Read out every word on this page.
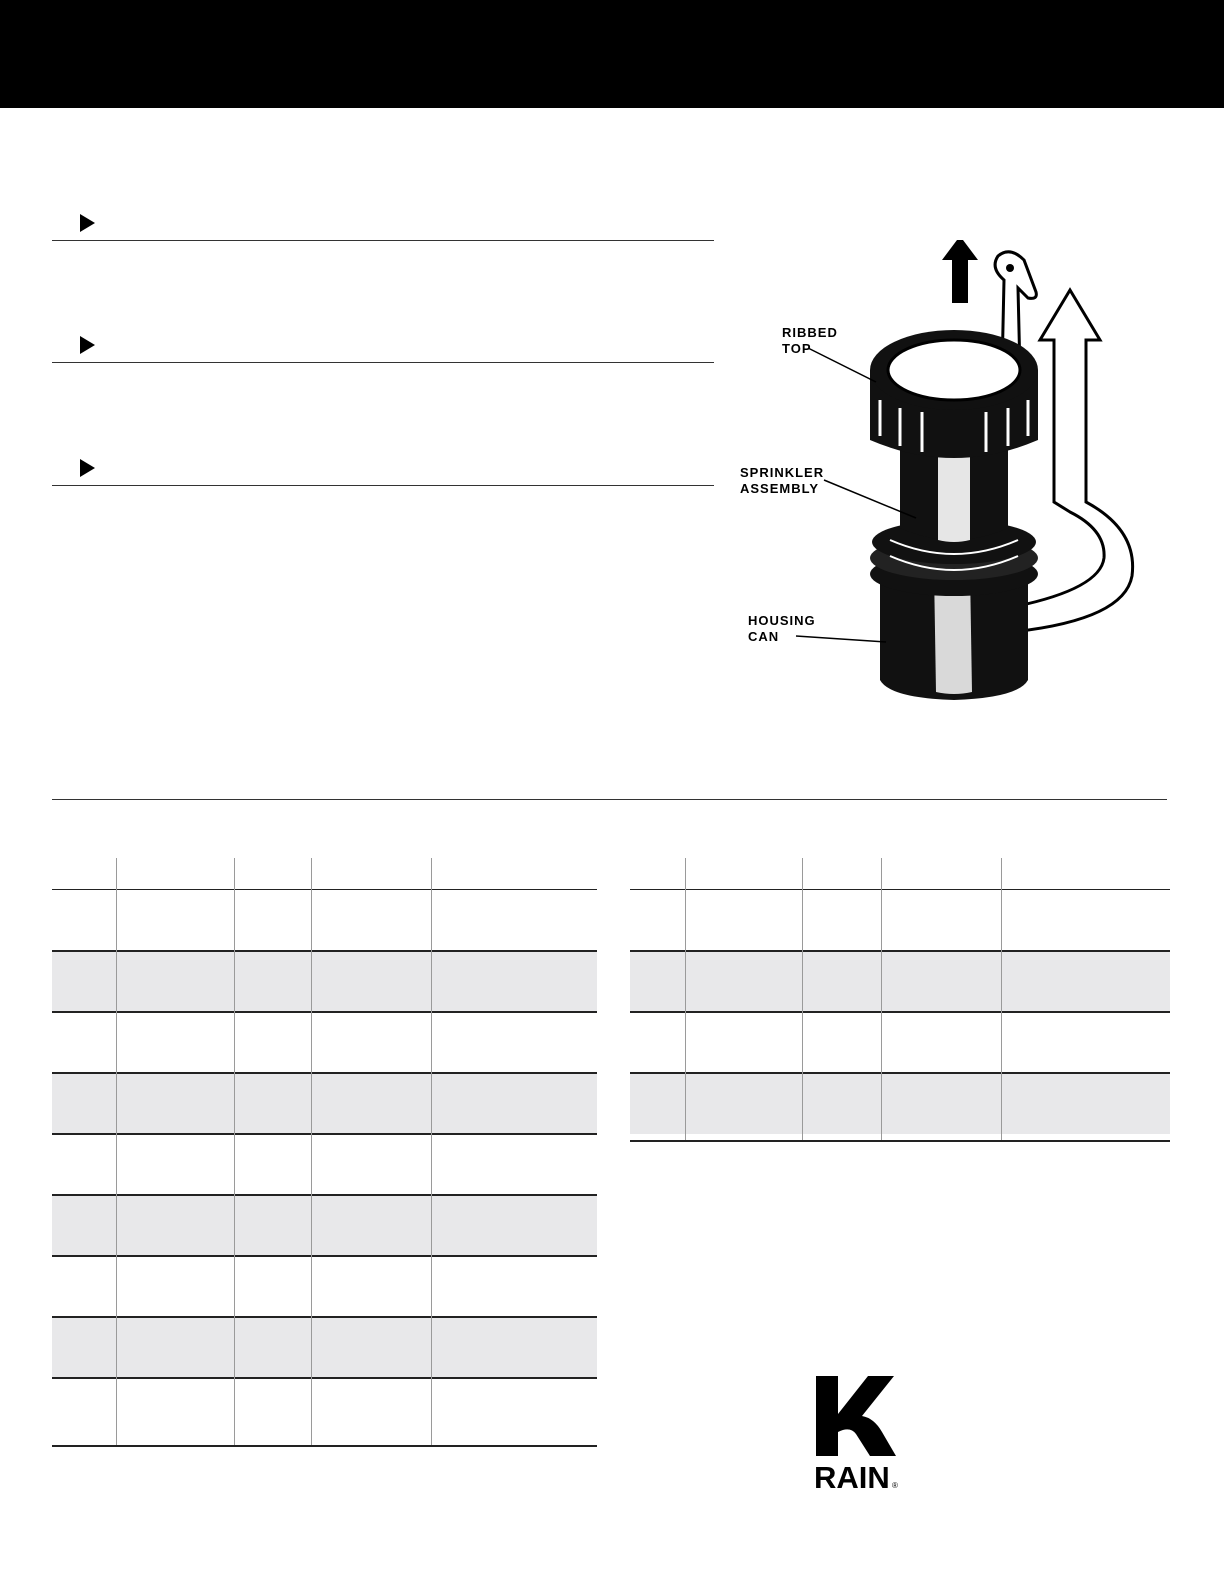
RIBBED
TOP
SPRINKLER
ASSEMBLY
HOUSING
CAN
RAIN ®
